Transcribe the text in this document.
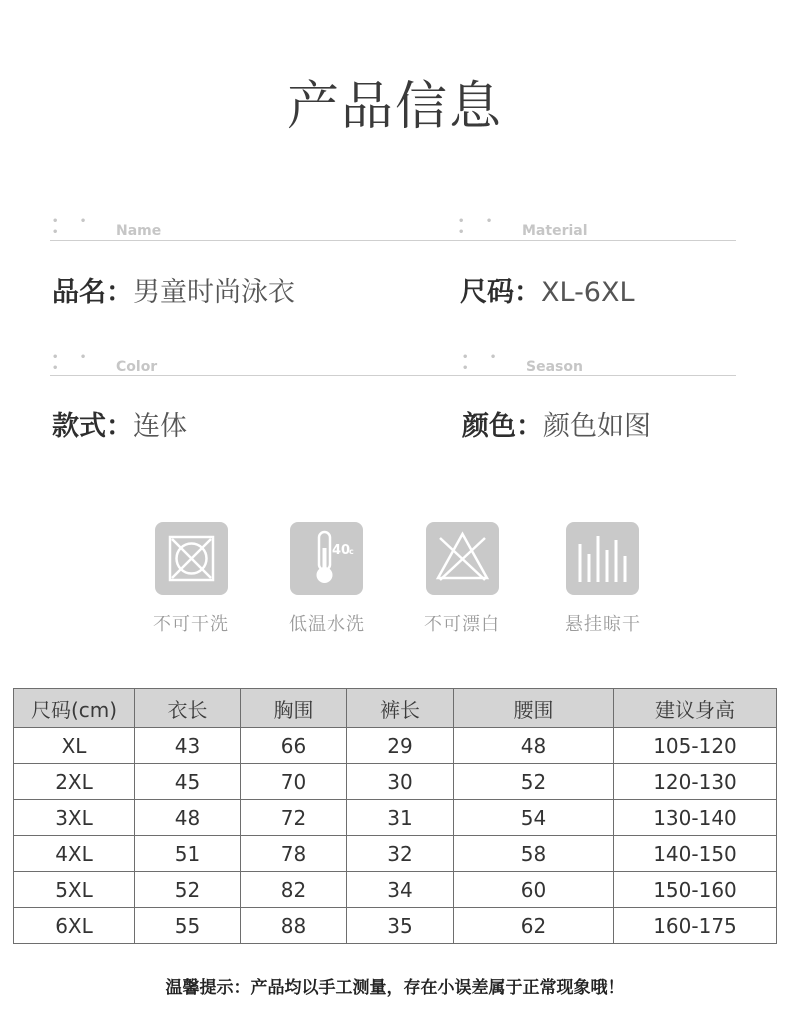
产品信息
• • •	Name
• • •	Material
品名：男童时尚泳衣	尺码：XL-6XL
• • •	Color
• • •	Season
款式：连体	颜色：颜色如图
40
c
不可干洗	低温水洗	不可漂白	悬挂晾干
尺码(cm)	衣长	胸围	裤长	腰围	建议身高
XL	43	66	29	48	105-120
2XL	45	70	30	52	120-130
3XL	48	72	31	54	130-140
4XL	51	78	32	58	140-150
5XL	52	82	34	60	150-160
6XL	55	88	35	62	160-175
温馨提示：产品均以手工测量，存在小误差属于正常现象哦！
